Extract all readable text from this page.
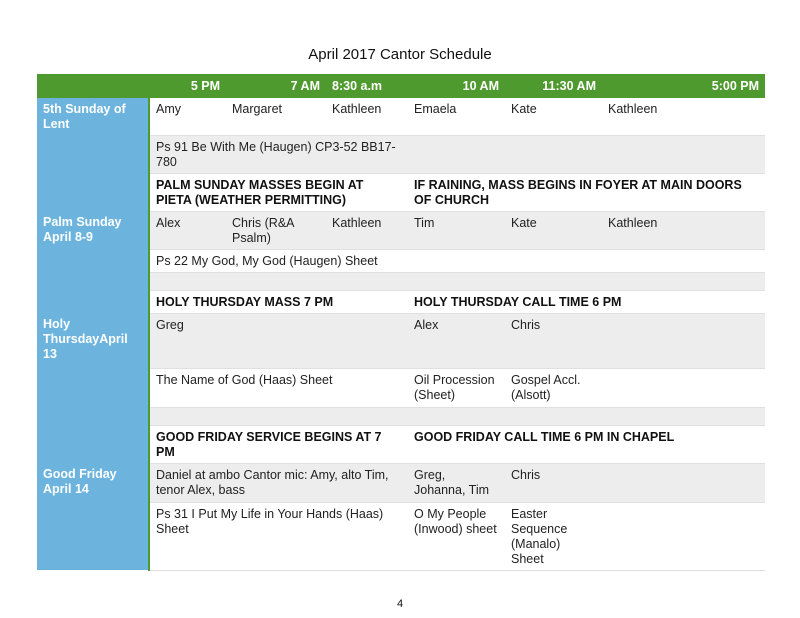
April 2017 Cantor Schedule
	5 PM	7 AM	8:30 a.m	10 AM	11:30 AM	5:00 PM
5th Sunday of Lent	Amy	Margaret	Kathleen	Emaela	Kate	Kathleen
	Ps 91 Be With Me (Haugen) CP3-52 BB17-780					
	PALM SUNDAY MASSES BEGIN AT PIETA (WEATHER PERMITTING)			IF RAINING, MASS BEGINS IN FOYER AT MAIN DOORS OF CHURCH		
Palm Sunday April 8-9	Alex	Chris (R&A Psalm)	Kathleen	Tim	Kate	Kathleen
	Ps 22 My God, My God (Haugen) Sheet					

	HOLY THURSDAY MASS 7 PM			HOLY THURSDAY CALL TIME 6 PM		
Holy ThursdayApril 13	Greg			Alex	Chris	
	The Name of God (Haas) Sheet			Oil Procession (Sheet)	Gospel Accl. (Alsott)	

	GOOD FRIDAY SERVICE BEGINS AT 7 PM			GOOD FRIDAY CALL TIME 6 PM IN CHAPEL		
Good Friday April 14	Daniel at ambo Cantor mic: Amy, alto Tim, tenor Alex, bass			Greg, Johanna, Tim	Chris	
	Ps 31 I Put My Life in Your Hands (Haas) Sheet			O My People (Inwood) sheet	Easter Sequence (Manalo) Sheet	
4
